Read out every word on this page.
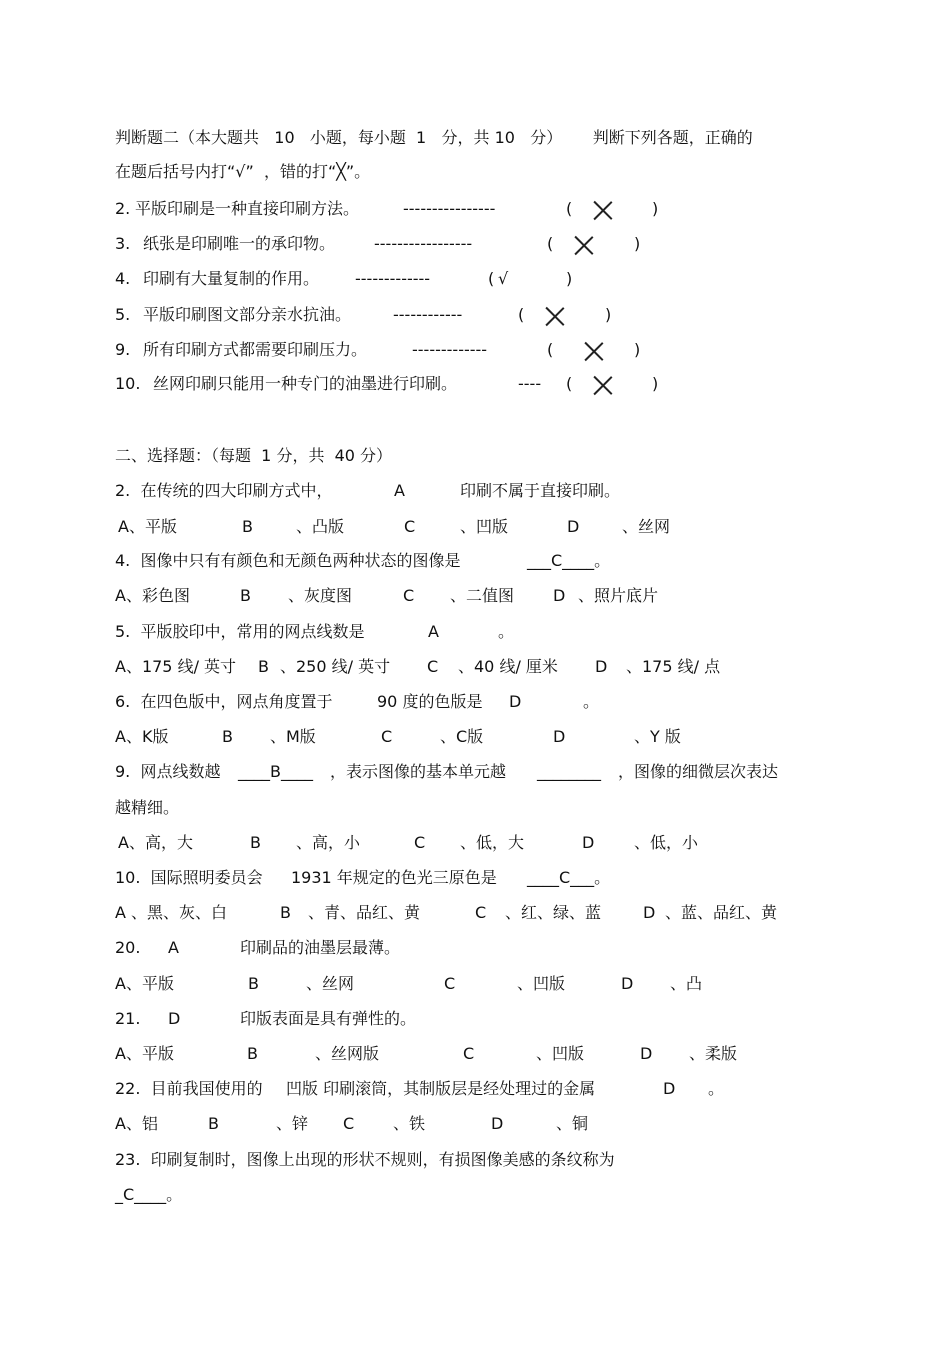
判断题二（本大题共   10   小题，每小题  1   分，共 10   分）      判断下列各题，正确的
在题后括号内打“√”  ，错的打“╳”。
2. 平版印刷是一种直接印刷方法。	----------------	(	)
3. 纸张是印刷唯一的承印物。 -----------------	(	)
4. 印刷有大量复制的作用。 -------------	( √	)
5. 平版印刷图文部分亲水抗油。	------------	(	)
9. 所有印刷方式都需要印刷压力。	-------------	(	)
10. 丝网印刷只能用一种专门的油墨进行印刷。	---- (	)
二、选择题：（每题  1 分，共  40 分）
2.  在传统的四大印刷方式中，	A	印刷不属于直接印刷。
A、平版	B	、凸版	C	、凹版	D	、丝网
4.  图像中只有有颜色和无颜色两种状态的图像是	___C____。
A、彩色图	B 、灰度图	C 、二值图 D 、照片底片
5.  平版胶印中，常用的网点线数是	A	。
A、175 线/ 英寸 B 、250 线/ 英寸 C 、40 线/ 厘米 D 、175 线/ 点
6.  在四色版中，网点角度置于	90 度的色版是 D	。
A、K版	B 、M版	C	、C版	D	、Y 版
9.  网点线数越 ____B____ ，表示图像的基本单元越 ________ ，图像的细微层次表达
越精细。
A、高，大	B 、高，小	C 、低，大	D 、低，小
10.  国际照明委员会 1931 年规定的色光三原色是 ____C___。
A 、黑、灰、白	B 、青、品红、黄	C 、红、绿、蓝	D 、蓝、品红、黄
20. A	印刷品的油墨层最薄。
A、平版	B	、丝网	C	、凹版	D 、凸
21. D	印版表面是具有弹性的。
A、平版	B	、丝网版	C	、凹版	D 、柔版
22.  目前我国使用的 凹版 印刷滚筒，其制版层是经处理过的金属	D 。
A、铝	B	、锌 C 、铁	D	、铜
23.  印刷复制时，图像上出现的形状不规则，有损图像美感的条纹称为
_C____。
